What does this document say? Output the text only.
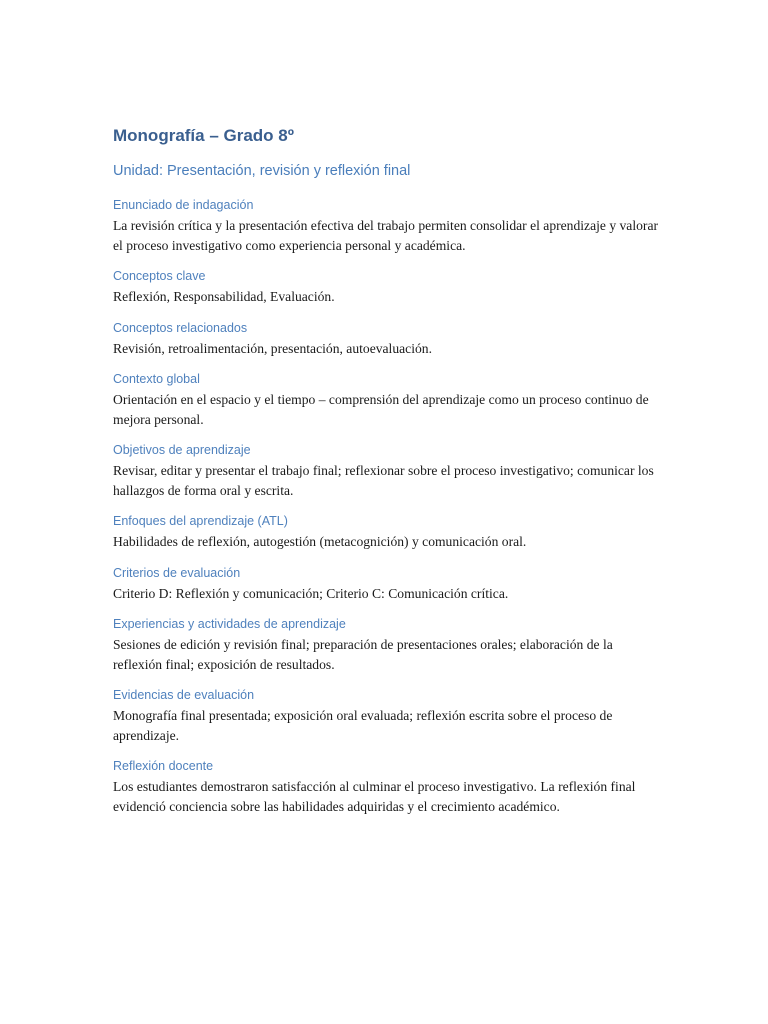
Monografía – Grado 8º
Unidad: Presentación, revisión y reflexión final
Enunciado de indagación

La revisión crítica y la presentación efectiva del trabajo permiten consolidar el aprendizaje y valorar el proceso investigativo como experiencia personal y académica.

Conceptos clave

Reflexión, Responsabilidad, Evaluación.

Conceptos relacionados

Revisión, retroalimentación, presentación, autoevaluación.

Contexto global

Orientación en el espacio y el tiempo – comprensión del aprendizaje como un proceso continuo de mejora personal.

Objetivos de aprendizaje

Revisar, editar y presentar el trabajo final; reflexionar sobre el proceso investigativo; comunicar los hallazgos de forma oral y escrita.

Enfoques del aprendizaje (ATL)

Habilidades de reflexión, autogestión (metacognición) y comunicación oral.

Criterios de evaluación

Criterio D: Reflexión y comunicación; Criterio C: Comunicación crítica.

Experiencias y actividades de aprendizaje

Sesiones de edición y revisión final; preparación de presentaciones orales; elaboración de la reflexión final; exposición de resultados.

Evidencias de evaluación

Monografía final presentada; exposición oral evaluada; reflexión escrita sobre el proceso de aprendizaje.

Reflexión docente

Los estudiantes demostraron satisfacción al culminar el proceso investigativo. La reflexión final evidenció conciencia sobre las habilidades adquiridas y el crecimiento académico.
